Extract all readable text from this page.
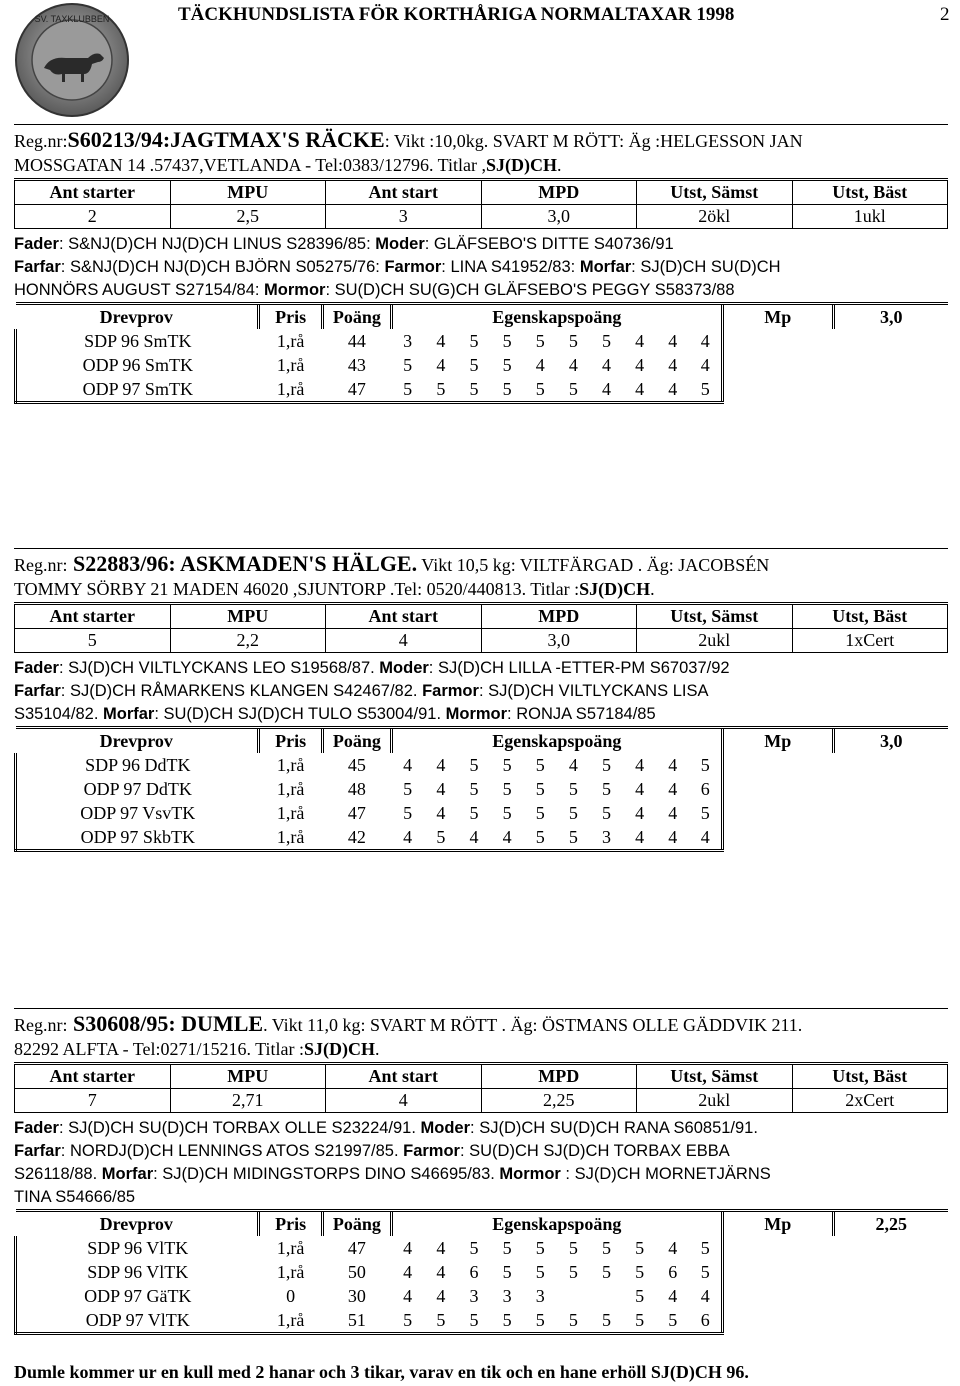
SV. TAXKLUBBEN	TÄCKHUNDSLISTA FÖR KORTHÅRIGA NORMALTAXAR 1998	2
Reg.nr:S60213/94:JAGTMAX'S RÄCKE: Vikt :10,0kg. SVART M RÖTT: Äg :HELGESSON JAN
MOSSGATAN 14 .57437,VETLANDA - Tel:0383/12796. Titlar ,SJ(D)CH.
Ant starter	MPU	Ant start	MPD	Utst, Sämst	Utst, Bäst
2	2,5	3	3,0	2ökl	1ukl
Fader: S&NJ(D)CH NJ(D)CH LINUS S28396/85: Moder: GLÄFSEBO'S DITTE S40736/91
Farfar: S&NJ(D)CH NJ(D)CH BJÖRN S05275/76: Farmor: LINA S41952/83: Morfar: SJ(D)CH SU(D)CH
HONNÖRS AUGUST S27154/84: Mormor: SU(D)CH SU(G)CH GLÄFSEBO'S PEGGY S58373/88
Drevprov	Pris	Poäng	Egenskapspoäng										Mp	3,0
SDP 96 SmTK	1,rå	44	3	4	5	5	5	5	5	4	4	4		
ODP 96 SmTK	1,rå	43	5	4	5	5	4	4	4	4	4	4		
ODP 97 SmTK	1,rå	47	5	5	5	5	5	5	4	4	4	5		
Reg.nr: S22883/96: ASKMADEN'S HÄLGE. Vikt 10,5 kg: VILTFÄRGAD . Äg: JACOBSÉN
TOMMY SÖRBY 21 MADEN 46020 ,SJUNTORP .Tel: 0520/440813. Titlar :SJ(D)CH.
Ant starter	MPU	Ant start	MPD	Utst, Sämst	Utst, Bäst
5	2,2	4	3,0	2ukl	1xCert
Fader: SJ(D)CH VILTLYCKANS LEO S19568/87. Moder: SJ(D)CH LILLA -ETTER-PM S67037/92
Farfar: SJ(D)CH RÅMARKENS KLANGEN S42467/82. Farmor: SJ(D)CH VILTLYCKANS LISA
S35104/82. Morfar: SU(D)CH SJ(D)CH TULO S53004/91. Mormor: RONJA S57184/85
Drevprov	Pris	Poäng	Egenskapspoäng										Mp	3,0
SDP 96 DdTK	1,rå	45	4	4	5	5	5	4	5	4	4	5		
ODP 97 DdTK	1,rå	48	5	4	5	5	5	5	5	4	4	6		
ODP 97 VsvTK	1,rå	47	5	4	5	5	5	5	5	4	4	5		
ODP 97 SkbTK	1,rå	42	4	5	4	4	5	5	3	4	4	4		
Reg.nr: S30608/95: DUMLE. Vikt 11,0 kg: SVART M RÖTT . Äg: ÖSTMANS OLLE GÄDDVIK 211.
82292 ALFTA - Tel:0271/15216. Titlar :SJ(D)CH.
Ant starter	MPU	Ant start	MPD	Utst, Sämst	Utst, Bäst
7	2,71	4	2,25	2ukl	2xCert
Fader: SJ(D)CH SU(D)CH TORBAX OLLE S23224/91. Moder: SJ(D)CH SU(D)CH RANA S60851/91.
Farfar: NORDJ(D)CH LENNINGS ATOS S21997/85. Farmor: SU(D)CH SJ(D)CH TORBAX EBBA
S26118/88. Morfar: SJ(D)CH MIDINGSTORPS DINO S46695/83. Mormor : SJ(D)CH MORNETJÄRNS
TINA S54666/85
Drevprov	Pris	Poäng	Egenskapspoäng										Mp	2,25
SDP 96 VlTK	1,rå	47	4	4	5	5	5	5	5	5	4	5		
SDP 96 VlTK	1,rå	50	4	4	6	5	5	5	5	5	6	5		
ODP 97 GäTK	0	30	4	4	3	3	3			5	4	4		
ODP 97 VlTK	1,rå	51	5	5	5	5	5	5	5	5	5	6		
Dumle kommer ur en kull med 2 hanar och 3 tikar, varav en tik och en hane erhöll SJ(D)CH 96.
